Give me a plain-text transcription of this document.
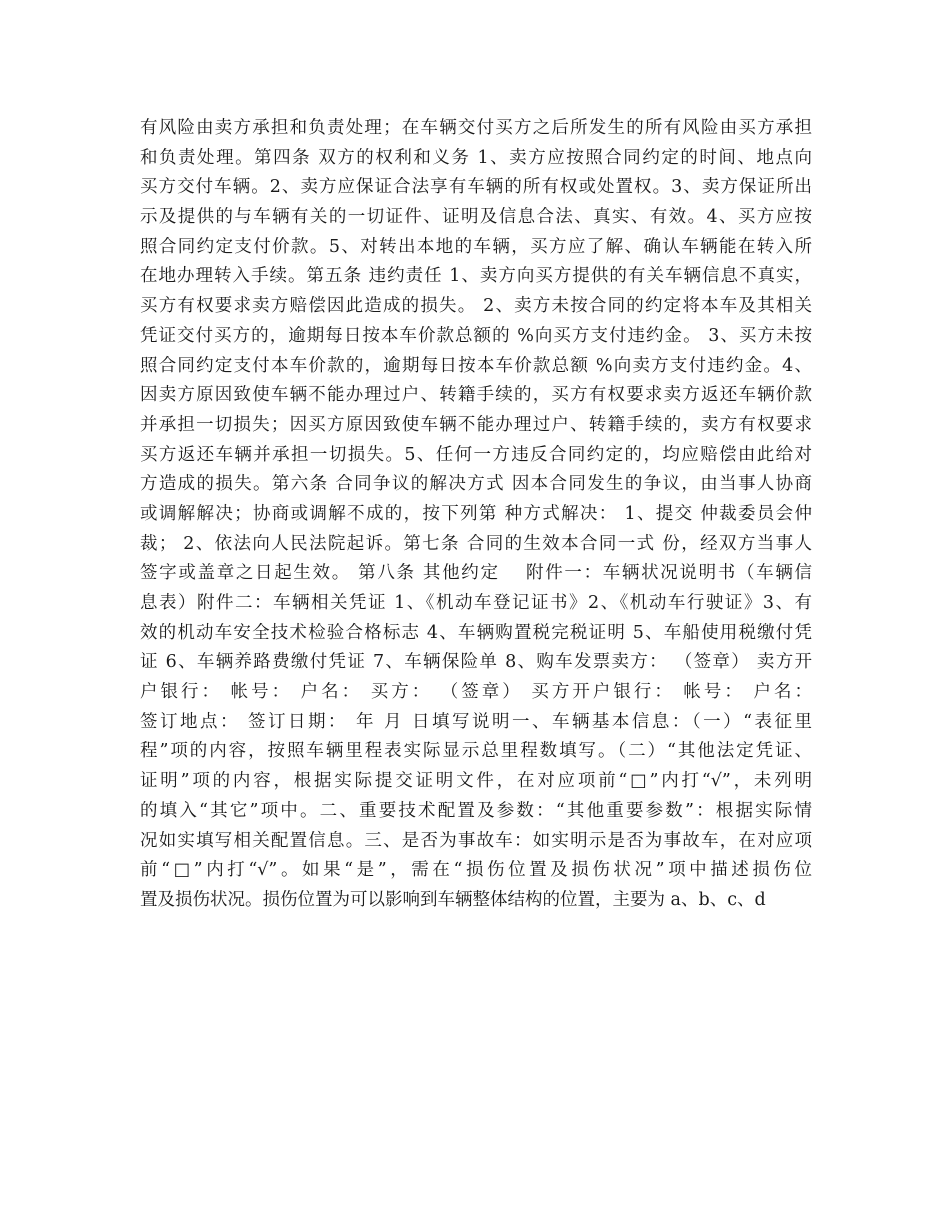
有风险由卖方承担和负责处理；在车辆交付买方之后所发生的所有风险由买方承担
和负责处理。第四条 双方的权利和义务 1、卖方应按照合同约定的时间、地点向
买方交付车辆。2、卖方应保证合法享有车辆的所有权或处置权。3、卖方保证所出
示及提供的与车辆有关的一切证件、证明及信息合法、真实、有效。4、买方应按
照合同约定支付价款。5、对转出本地的车辆，买方应了解、确认车辆能在转入所
在地办理转入手续。第五条 违约责任 1、卖方向买方提供的有关车辆信息不真实，
买方有权要求卖方赔偿因此造成的损失。 2、卖方未按合同的约定将本车及其相关
凭证交付买方的，逾期每日按本车价款总额的 %向买方支付违约金。 3、买方未按
照合同约定支付本车价款的，逾期每日按本车价款总额 %向卖方支付违约金。4、
因卖方原因致使车辆不能办理过户、转籍手续的，买方有权要求卖方返还车辆价款
并承担一切损失；因买方原因致使车辆不能办理过户、转籍手续的，卖方有权要求
买方返还车辆并承担一切损失。5、任何一方违反合同约定的，均应赔偿由此给对
方造成的损失。第六条 合同争议的解决方式 因本合同发生的争议，由当事人协商
或调解解决；协商或调解不成的，按下列第 种方式解决： 1、提交 仲裁委员会仲
裁； 2、依法向人民法院起诉。第七条 合同的生效本合同一式 份，经双方当事人
签字或盖章之日起生效。 第八条 其他约定 　附件一：车辆状况说明书（车辆信
息表）附件二：车辆相关凭证 1、《机动车登记证书》2、《机动车行驶证》3、有
效的机动车安全技术检验合格标志 4、车辆购置税完税证明 5、车船使用税缴付凭
证 6、车辆养路费缴付凭证 7、车辆保险单 8、购车发票卖方： （签章） 卖方开
户银行： 帐号： 户名： 买方： （签章） 买方开户银行： 帐号： 户名：
签订地点： 签订日期： 年 月 日填写说明一、车辆基本信息：（一）“表征里
程”项的内容，按照车辆里程表实际显示总里程数填写。（二）“其他法定凭证、
证明”项的内容，根据实际提交证明文件，在对应项前“□”内打“√”，未列明
的填入“其它”项中。二、重要技术配置及参数：“其他重要参数”：根据实际情
况如实填写相关配置信息。三、是否为事故车：如实明示是否为事故车，在对应项
前“□”内打“√”。如果“是”，需在“损伤位置及损伤状况”项中描述损伤位
置及损伤状况。损伤位置为可以影响到车辆整体结构的位置，主要为 a、b、c、d
